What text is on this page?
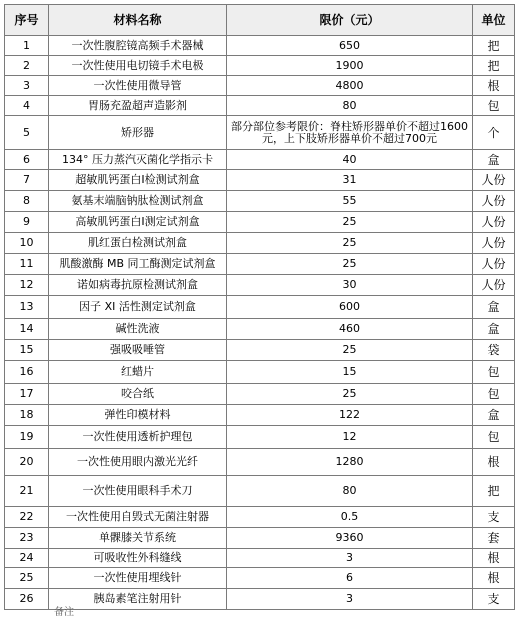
序号	材料名称	限价（元）	单位
1	一次性腹腔镜高频手术器械	650	把
2	一次性使用电切镜手术电极	1900	把
3	一次性使用微导管	4800	根
4	胃肠充盈超声造影剂	80	包
5	矫形器	部分部位参考限价：脊柱矫形器单价不超过1600元，上下肢矫形器单价不超过700元	个
6	134° 压力蒸汽灭菌化学指示卡	40	盒
7	超敏肌钙蛋白Ⅰ检测试剂盒	31	人份
8	氨基末端脑钠肽检测试剂盒	55	人份
9	高敏肌钙蛋白Ⅰ测定试剂盒	25	人份
10	肌红蛋白检测试剂盒	25	人份
11	肌酸激酶 MB 同工酶测定试剂盒	25	人份
12	诺如病毒抗原检测试剂盒	30	人份
13	因子 XI 活性测定试剂盒	600	盒
14	碱性洗液	460	盒
15	强吸吸唾管	25	袋
16	红蜡片	15	包
17	咬合纸	25	包
18	弹性印模材料	122	盒
19	一次性使用透析护理包	12	包
20	一次性使用眼内激光光纤	1280	根
21	一次性使用眼科手术刀	80	把
22	一次性使用自毁式无菌注射器	0.5	支
23	单髁膝关节系统	9360	套
24	可吸收性外科缝线	3	根
25	一次性使用埋线针	6	根
26	胰岛素笔注射用针	3	支
备注
